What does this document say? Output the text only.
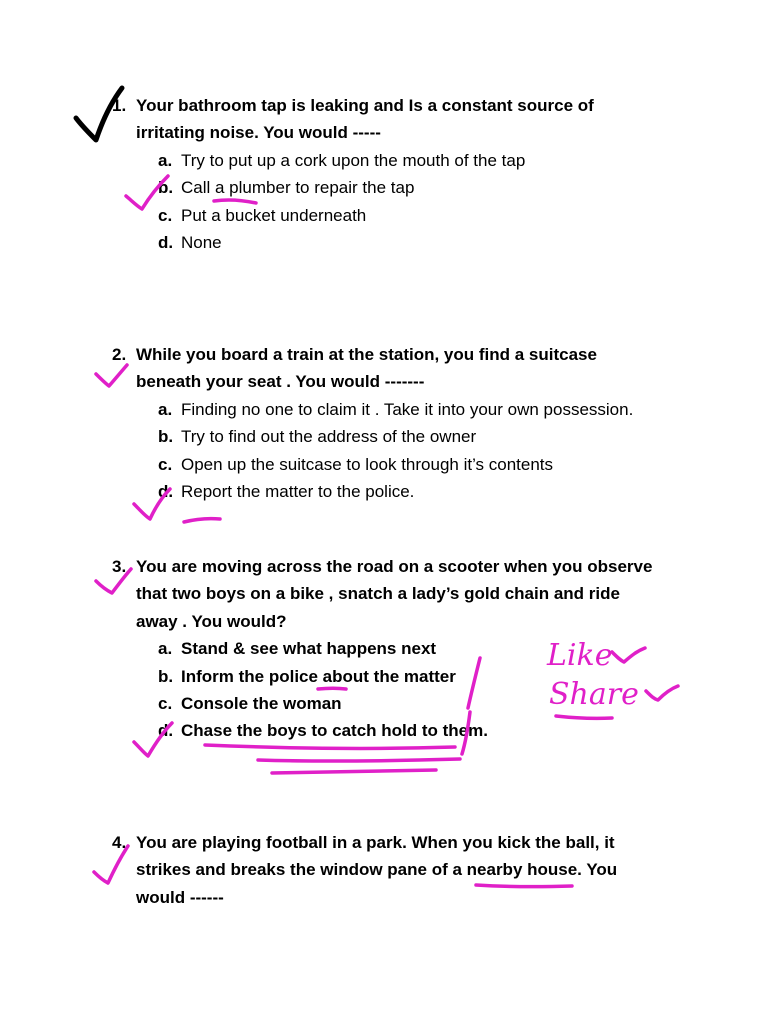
1. Your bathroom tap is leaking and Is a constant source of
irritating noise. You would -----
a. Try to put up a cork upon the mouth of the tap
b. Call a plumber to repair the tap
c. Put a bucket underneath
d. None
2. While you board a train at the station, you find a suitcase
beneath your seat . You would -------
a. Finding no one to claim it . Take it into your own possession.
b. Try to find out the address of the owner
c. Open up the suitcase to look through it’s contents
d. Report the matter to the police.
3. You are moving across the road on a scooter when you observe
that two boys on a bike , snatch a lady’s gold chain and ride
away . You would?
a. Stand & see what happens next
b. Inform the police about the matter
c. Console the woman
d. Chase the boys to catch hold to them.
4. You are playing football in a park. When you kick the ball, it
strikes and breaks the window pane of a nearby house. You
would ------
Like
Share
